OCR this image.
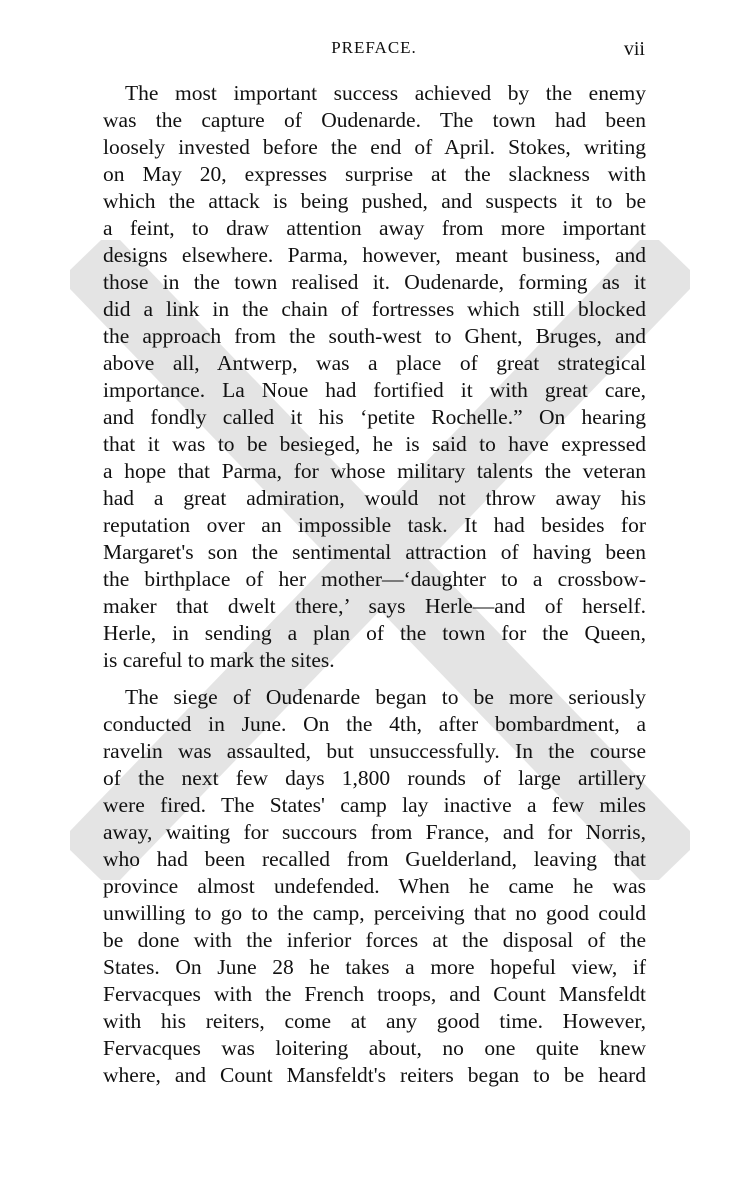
PREFACE.	vii
The most important success achieved by the enemy
was the capture of Oudenarde. The town had been
loosely invested before the end of April. Stokes, writing
on May 20, expresses surprise at the slackness with
which the attack is being pushed, and suspects it to be
a feint, to draw attention away from more important
designs elsewhere. Parma, however, meant business, and
those in the town realised it. Oudenarde, forming as it
did a link in the chain of fortresses which still blocked
the approach from the south-west to Ghent, Bruges, and
above all, Antwerp, was a place of great strategical
importance. La Noue had fortified it with great care,
and fondly called it his ‘petite Rochelle.” On hearing
that it was to be besieged, he is said to have expressed
a hope that Parma, for whose military talents the veteran
had a great admiration, would not throw away his
reputation over an impossible task. It had besides for
Margaret's son the sentimental attraction of having been
the birthplace of her mother—‘daughter to a crossbow-
maker that dwelt there,’ says Herle—and of herself.
Herle, in sending a plan of the town for the Queen,
is careful to mark the sites.
The siege of Oudenarde began to be more seriously
conducted in June. On the 4th, after bombardment, a
ravelin was assaulted, but unsuccessfully. In the course
of the next few days 1,800 rounds of large artillery
were fired. The States' camp lay inactive a few miles
away, waiting for succours from France, and for Norris,
who had been recalled from Guelderland, leaving that
province almost undefended. When he came he was
unwilling to go to the camp, perceiving that no good could
be done with the inferior forces at the disposal of the
States. On June 28 he takes a more hopeful view, if
Fervacques with the French troops, and Count Mansfeldt
with his reiters, come at any good time. However,
Fervacques was loitering about, no one quite knew
where, and Count Mansfeldt's reiters began to be heard
